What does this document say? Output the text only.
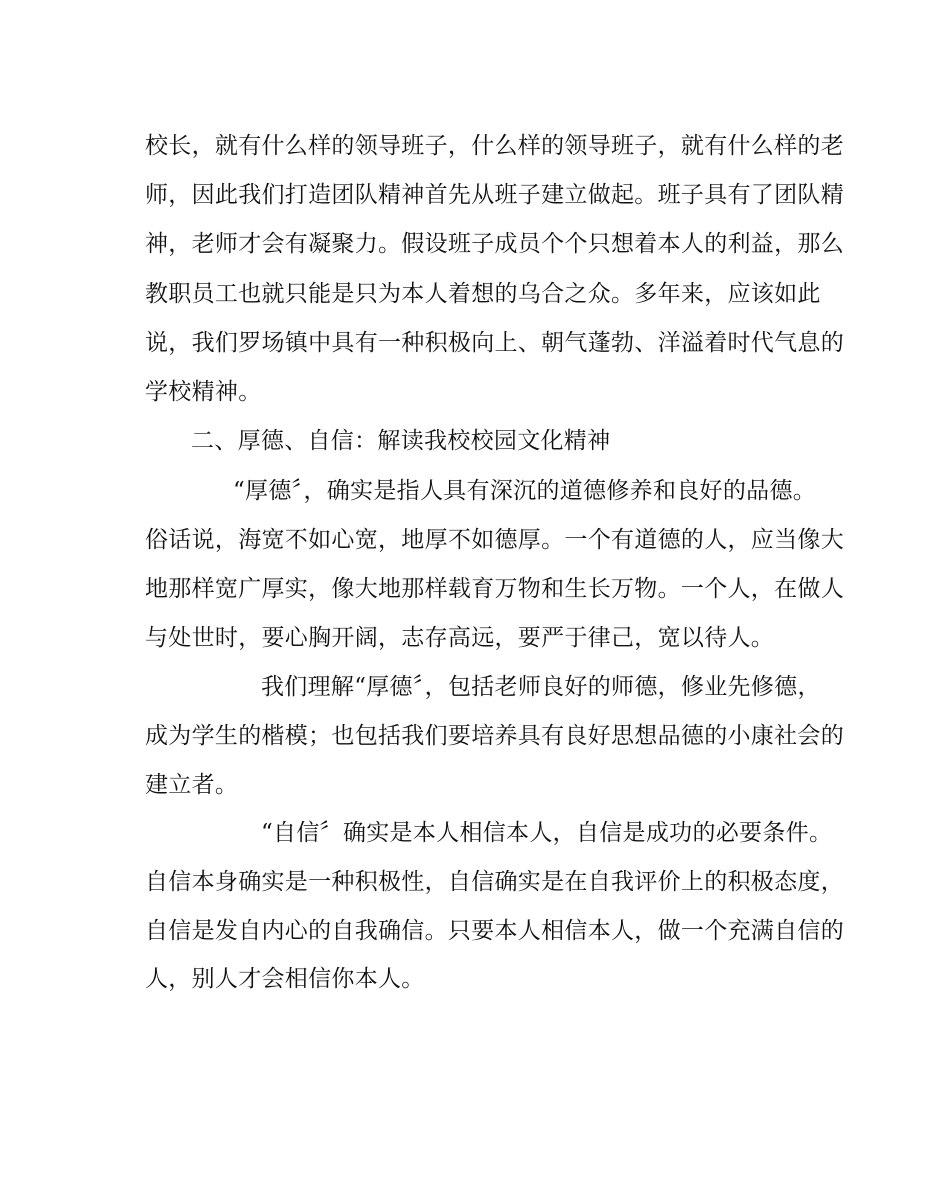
校长，就有什么样的领导班子，什么样的领导班子，就有什么样的老
师，因此我们打造团队精神首先从班子建立做起。班子具有了团队精
神，老师才会有凝聚力。假设班子成员个个只想着本人的利益，那么
教职员工也就只能是只为本人着想的乌合之众。多年来，应该如此
说，我们罗场镇中具有一种积极向上、朝气蓬勃、洋溢着时代气息的
学校精神。
二、厚德、自信：解读我校校园文化精神
“厚德〞，确实是指人具有深沉的道德修养和良好的品德。
俗话说，海宽不如心宽，地厚不如德厚。一个有道德的人，应当像大
地那样宽广厚实，像大地那样载育万物和生长万物。一个人，在做人
与处世时，要心胸开阔，志存高远，要严于律己，宽以待人。
我们理解“厚德〞，包括老师良好的师德，修业先修德，
成为学生的楷模；也包括我们要培养具有良好思想品德的小康社会的
建立者。
“自信〞确实是本人相信本人，自信是成功的必要条件。
自信本身确实是一种积极性，自信确实是在自我评价上的积极态度，
自信是发自内心的自我确信。只要本人相信本人，做一个充满自信的
人，别人才会相信你本人。
